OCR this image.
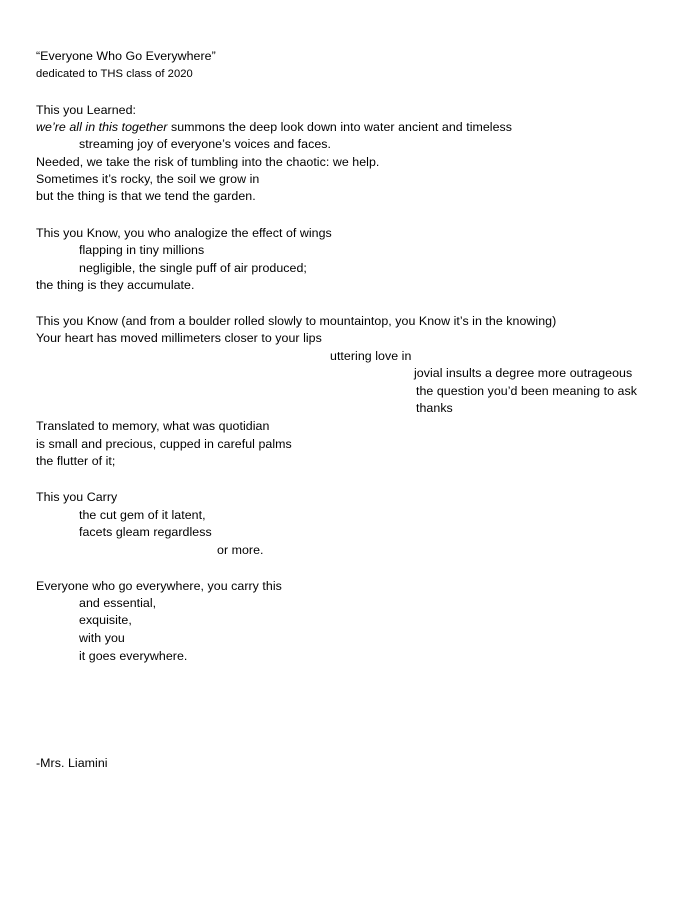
“Everyone Who Go Everywhere”
dedicated to THS class of 2020
This you Learned:
we’re all in this together summons the deep look down into water ancient and timeless
streaming joy of everyone’s voices and faces.
Needed, we take the risk of tumbling into the chaotic: we help.
Sometimes it’s rocky, the soil we grow in
but the thing is that we tend the garden.
This you Know, you who analogize the effect of wings
flapping in tiny millions
negligible, the single puff of air produced;
the thing is they accumulate.
This you Know (and from a boulder rolled slowly to mountaintop, you Know it’s in the knowing)
Your heart has moved millimeters closer to your lips
uttering love in
jovial insults a degree more outrageous
the question you’d been meaning to ask
thanks
Translated to memory, what was quotidian
is small and precious, cupped in careful palms
the flutter of it;
This you Carry
the cut gem of it latent,
facets gleam regardless
or more.
Everyone who go everywhere, you carry this
and essential,
exquisite,
with you
it goes everywhere.
-Mrs. Liamini
